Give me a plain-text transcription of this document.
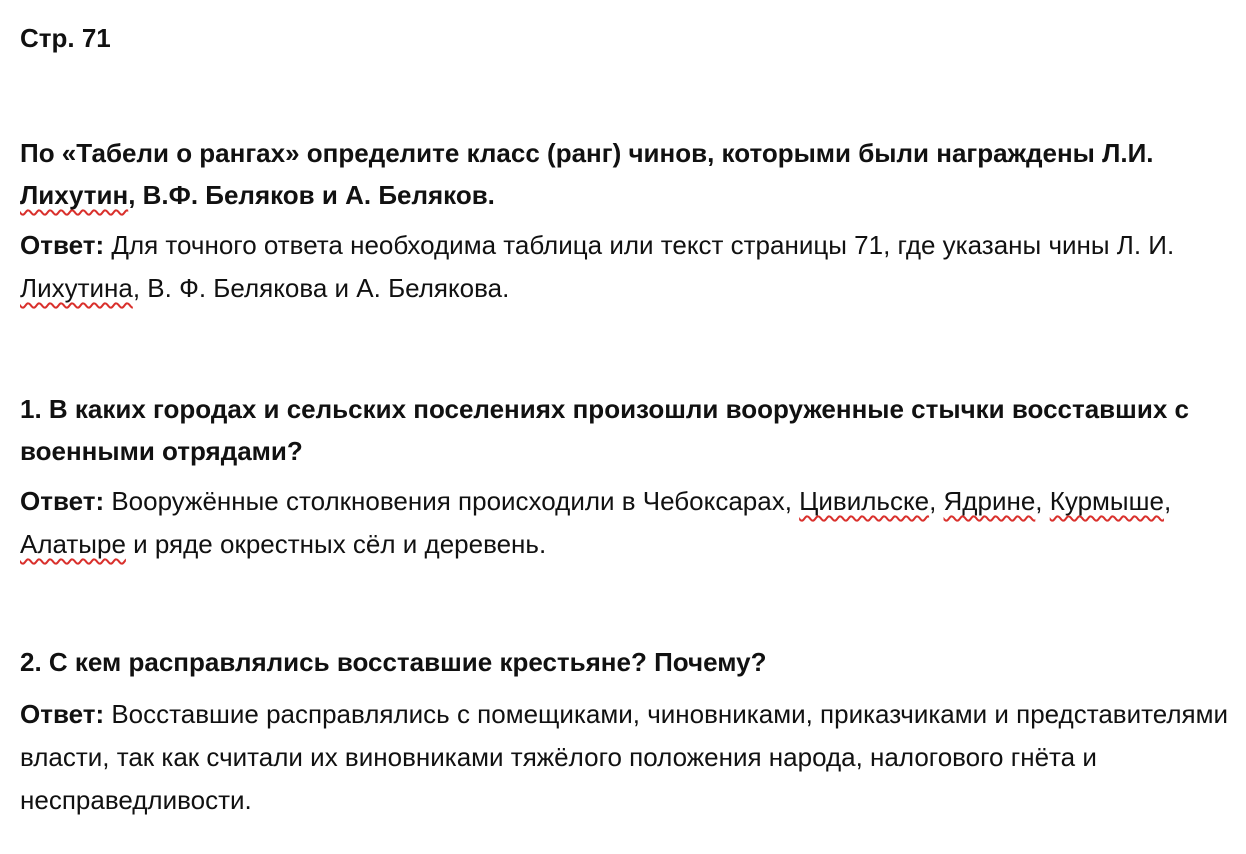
Стр. 71

По «Табели о рангах» определите класс (ранг) чинов, которыми были награждены Л.И. Лихутин, В.Ф. Беляков и А. Беляков.

Ответ: Для точного ответа необходима таблица или текст страницы 71, где указаны чины Л. И. Лихутина, В. Ф. Белякова и А. Белякова.

1. В каких городах и сельских поселениях произошли вооруженные стычки восставших с военными отрядами?

Ответ: Вооружённые столкновения происходили в Чебоксарах, Цивильске, Ядрине, Курмыше, Алатыре и ряде окрестных сёл и деревень.

2. С кем расправлялись восставшие крестьяне? Почему?

Ответ: Восставшие расправлялись с помещиками, чиновниками, приказчиками и представителями власти, так как считали их виновниками тяжёлого положения народа, налогового гнёта и несправедливости.
